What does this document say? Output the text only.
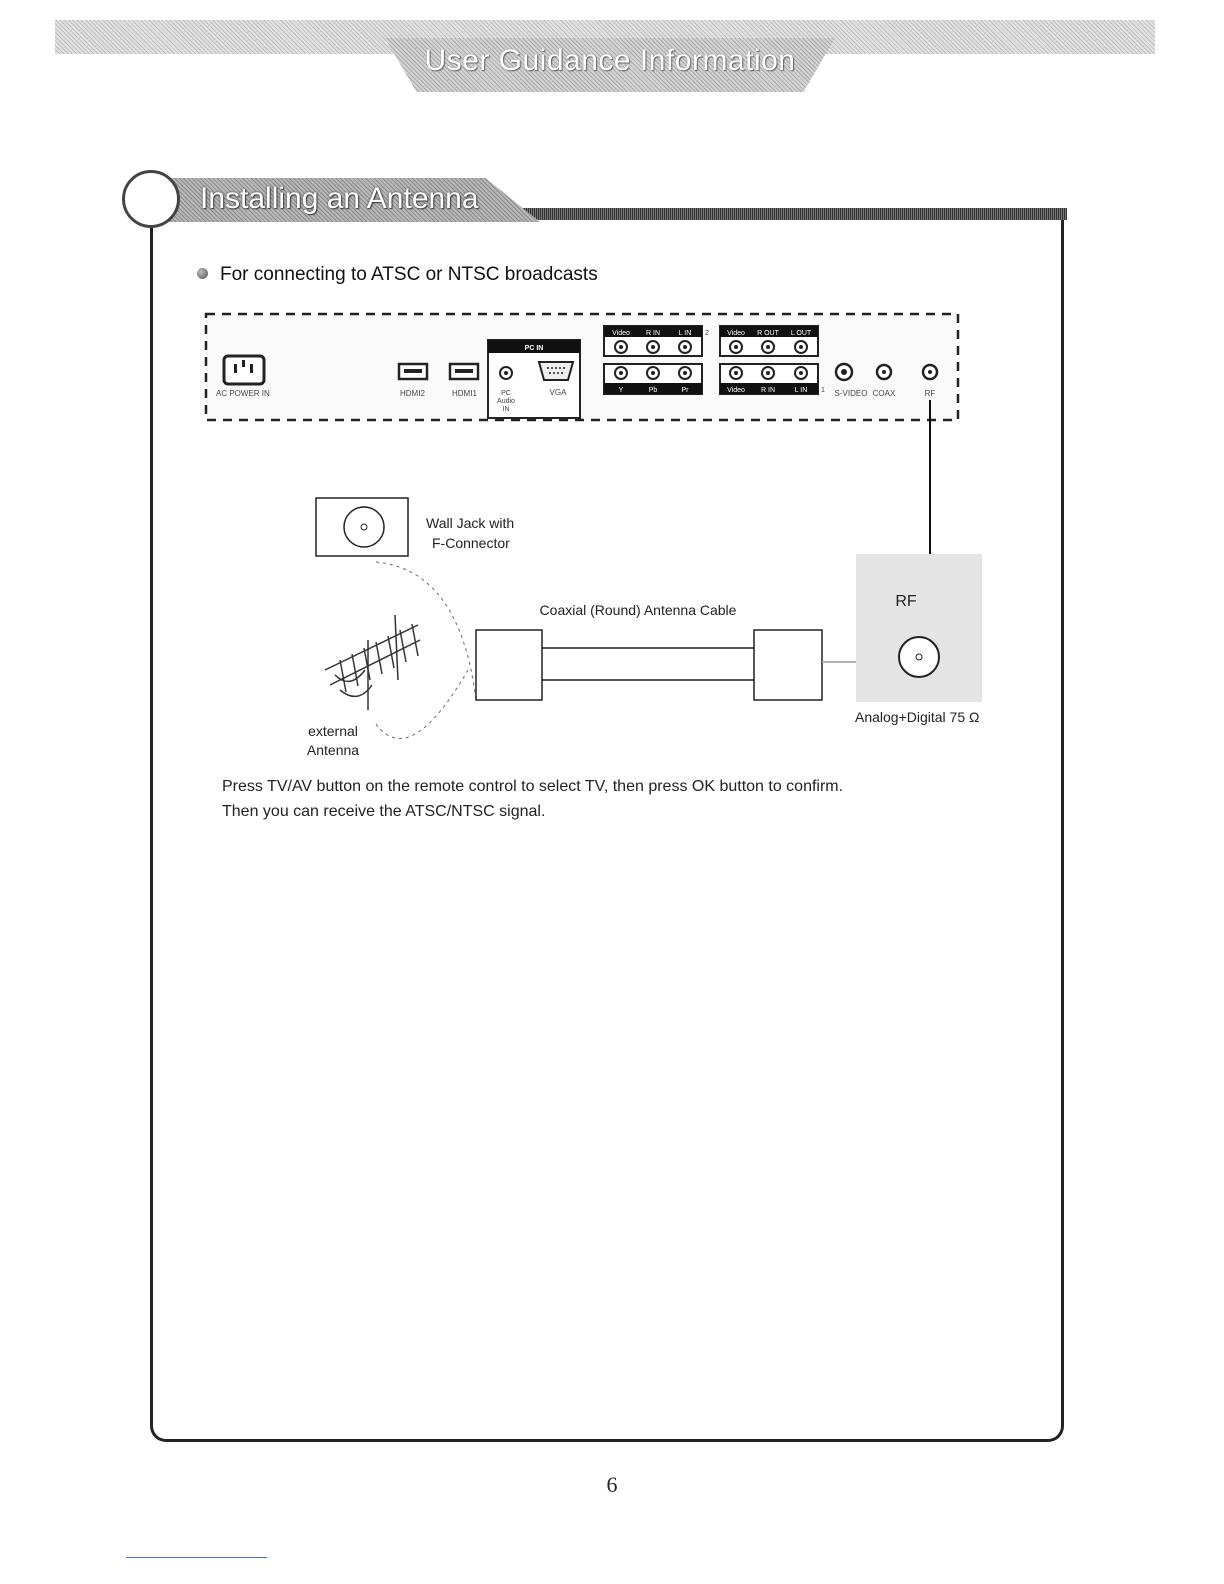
User Guidance Information
Installing an Antenna
For connecting to ATSC or NTSC broadcasts
AC POWER IN	HDMI2	HDMI1
PC IN
PC
Audio
IN
VGA
Video R IN	L IN 2
Y	Pb	Pr
Video R OUT L OUT
Video R IN	L IN 1 S-VIDEO COAX	RF
Wall Jack with
F-Connector
external
Antenna
Coaxial (Round) Antenna Cable	RF
Analog+Digital 75 Ω
Press TV/AV button on the remote control to select TV, then press OK button to confirm.
Then you can receive the ATSC/NTSC signal.
6
